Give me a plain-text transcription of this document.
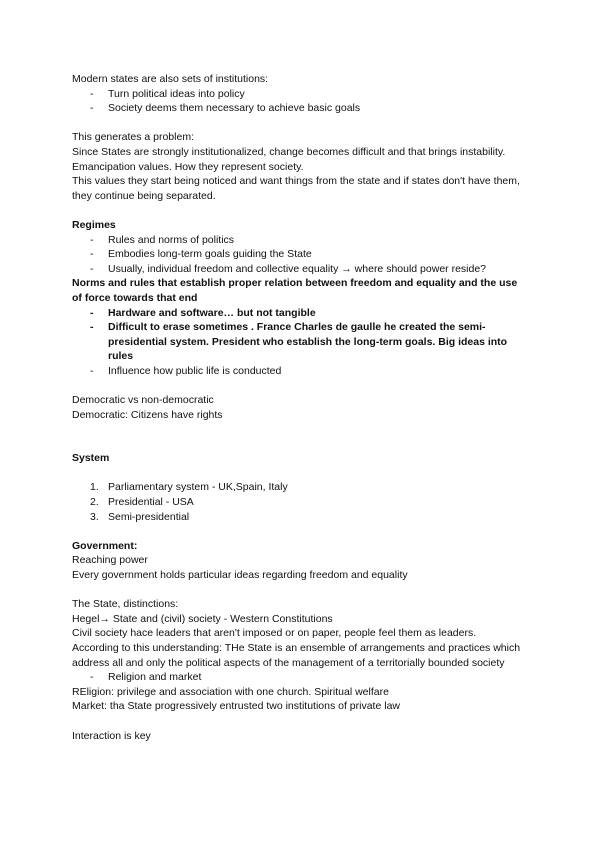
Modern states are also sets of institutions:

-	Turn political ideas into policy
-	Society deems them necessary to achieve basic goals

This generates a problem:

Since States are strongly institutionalized, change becomes difficult and that brings instability.

Emancipation values. How they represent society.

This values they start being noticed and want things from the state and if states don't have them, they continue being separated.

Regimes

-	Rules and norms of politics
-	Embodies long-term goals guiding the State
-	Usually, individual freedom and collective equality → where should power reside?

Norms and rules that establish proper relation between freedom and equality and the use of force towards that end

-	Hardware and software… but not tangible
-	Difficult to erase sometimes . France Charles de gaulle he created the semi-presidential system. President who establish the long-term goals. Big ideas into rules
-	Influence how public life is conducted

Democratic vs non-democratic

Democratic: Citizens have rights

System

1. Parliamentary system - UK,Spain, Italy
2. Presidential - USA
3. Semi-presidential

Government:

Reaching power

Every government holds particular ideas regarding freedom and equality

The State, distinctions:

Hegel→ State and (civil) society - Western Constitutions

Civil society hace leaders that aren't imposed or on paper, people feel them as leaders.

According to this understanding: THe State is an ensemble of arrangements and practices which address all and only the political aspects of the management of a territorially bounded society

-	Religion and market

REligion: privilege and association with one church. Spiritual welfare

Market: tha State progressively entrusted two institutions of private law

Interaction is key
